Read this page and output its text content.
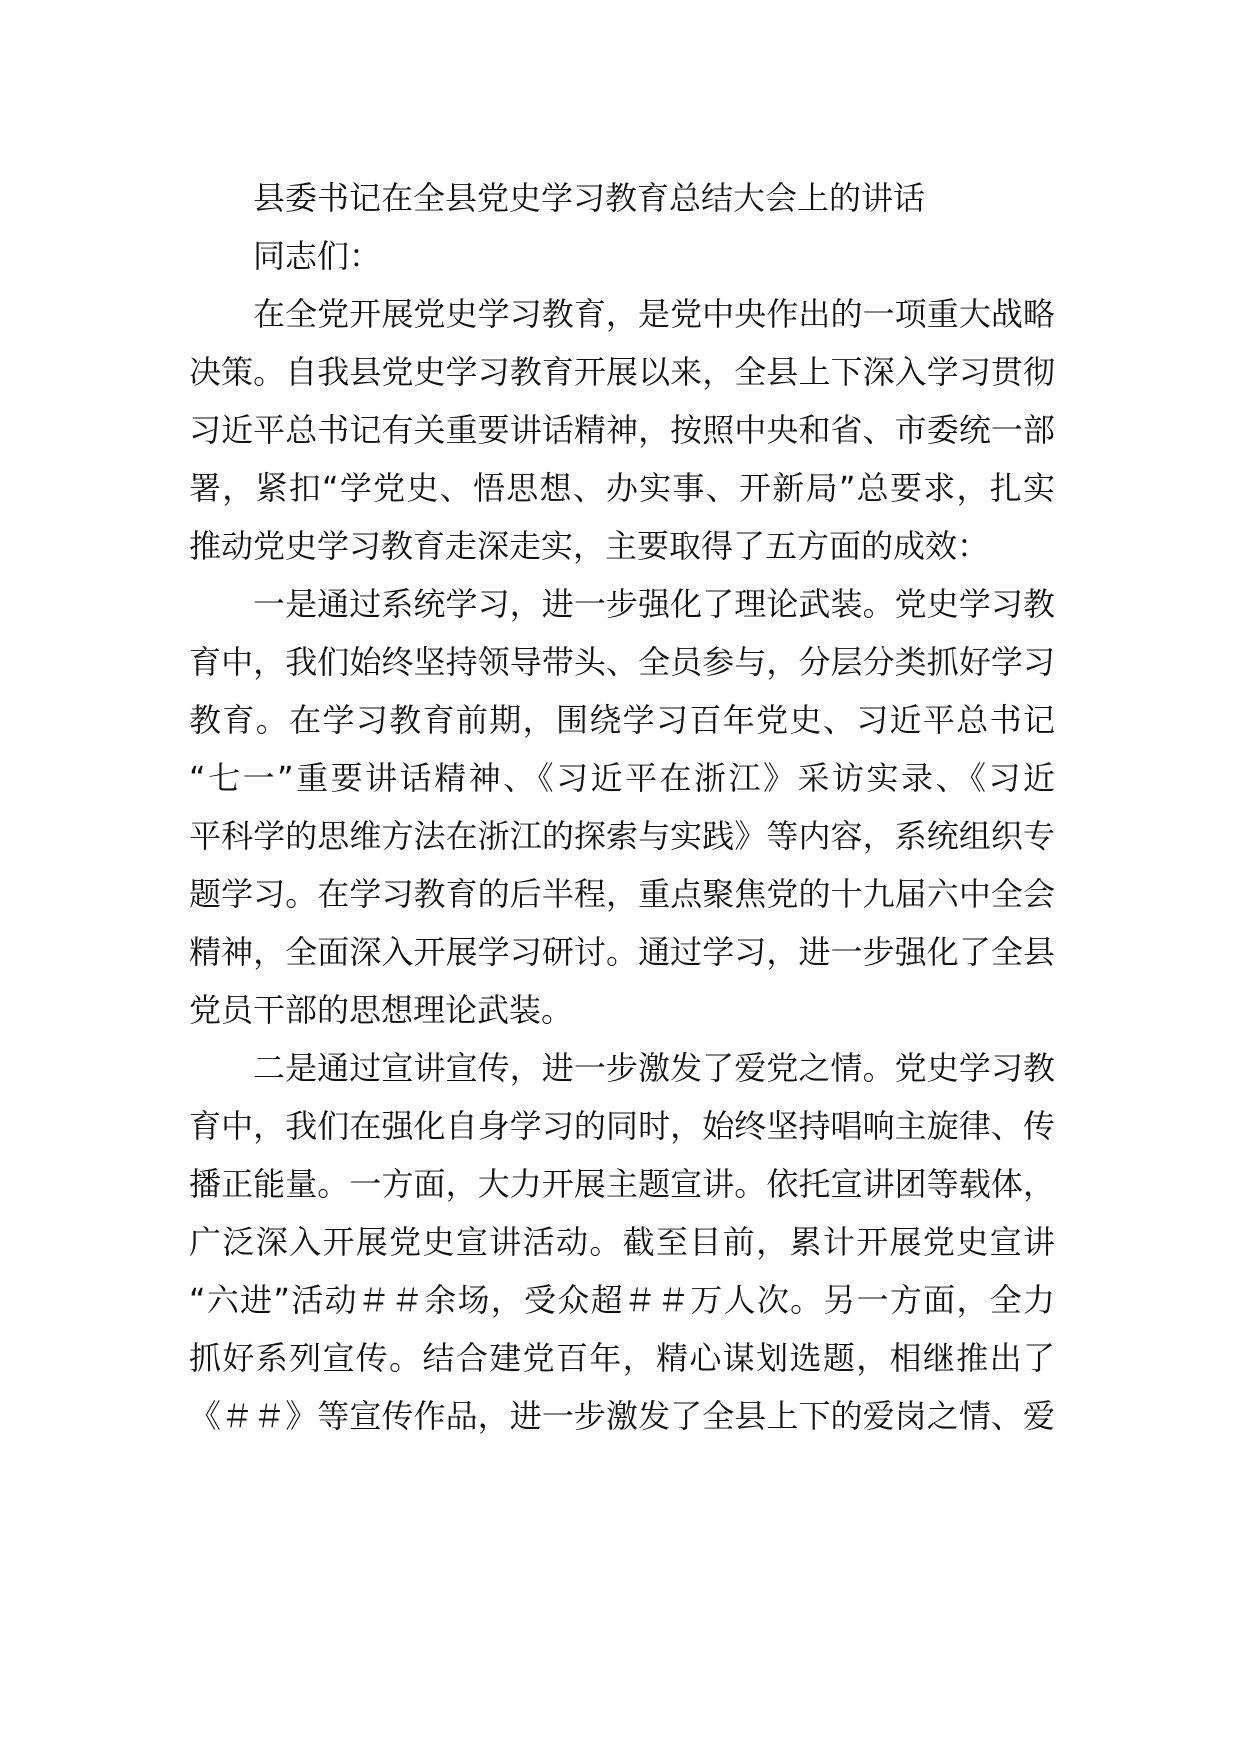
县委书记在全县党史学习教育总结大会上的讲话
同志们：
在全党开展党史学习教育，是党中央作出的一项重大战略
决策。自我县党史学习教育开展以来，全县上下深入学习贯彻
习近平总书记有关重要讲话精神，按照中央和省、市委统一部
署，紧扣“学党史、悟思想、办实事、开新局”总要求，扎实
推动党史学习教育走深走实，主要取得了五方面的成效：
一是通过系统学习，进一步强化了理论武装。党史学习教
育中，我们始终坚持领导带头、全员参与，分层分类抓好学习
教育。在学习教育前期，围绕学习百年党史、习近平总书记
“七一”重要讲话精神、《习近平在浙江》采访实录、《习近
平科学的思维方法在浙江的探索与实践》等内容，系统组织专
题学习。在学习教育的后半程，重点聚焦党的十九届六中全会
精神，全面深入开展学习研讨。通过学习，进一步强化了全县
党员干部的思想理论武装。
二是通过宣讲宣传，进一步激发了爱党之情。党史学习教
育中，我们在强化自身学习的同时，始终坚持唱响主旋律、传
播正能量。一方面，大力开展主题宣讲。依托宣讲团等载体，
广泛深入开展党史宣讲活动。截至目前，累计开展党史宣讲
“六进”活动＃＃余场，受众超＃＃万人次。另一方面，全力
抓好系列宣传。结合建党百年，精心谋划选题，相继推出了
《＃＃》等宣传作品，进一步激发了全县上下的爱岗之情、爱
